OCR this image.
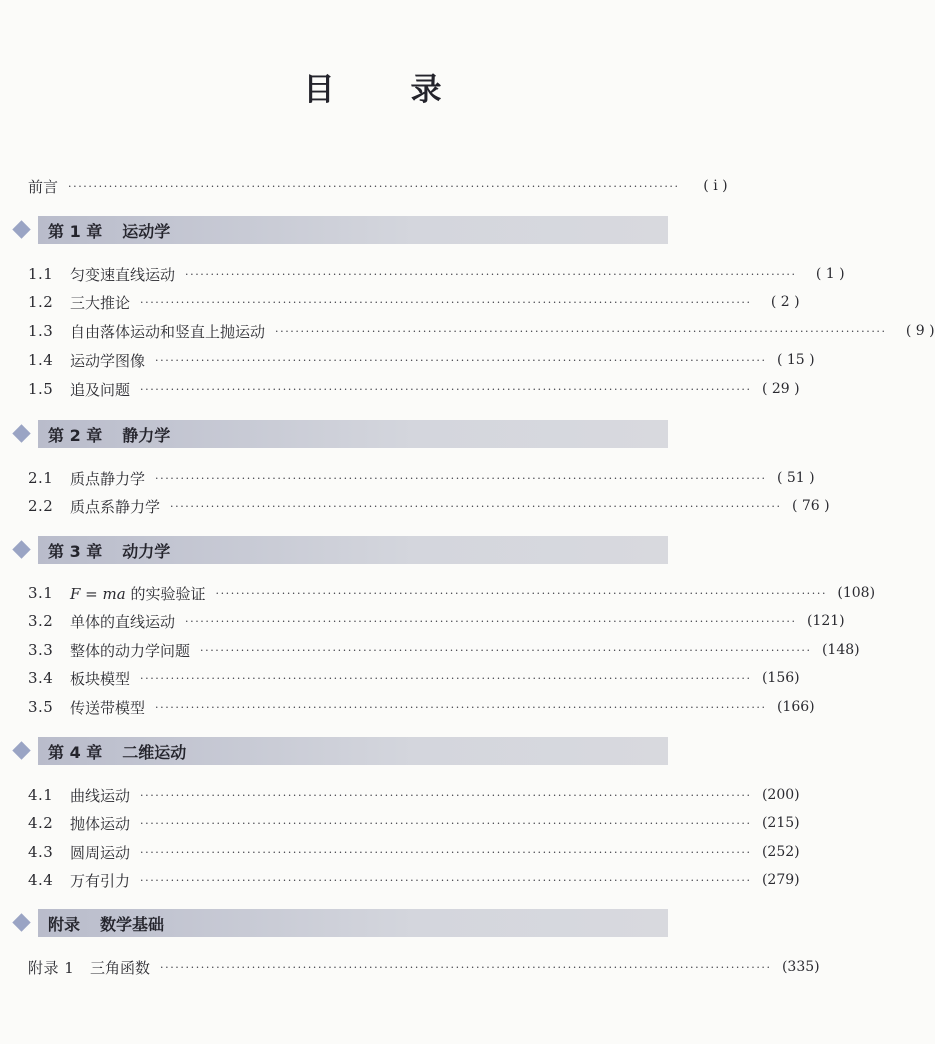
目 录
前言 ························································································································	( i )
第 1 章 运动学
1.1	匀变速直线运动 ························································································································	( 1 )
1.2	三大推论 ························································································································	( 2 )
1.3	自由落体运动和竖直上抛运动 ························································································································	( 9 )
1.4	运动学图像 ························································································································ ( 15 )
1.5	追及问题 ························································································································ ( 29 )
第 2 章 静力学
2.1	质点静力学 ························································································································ ( 51 )
2.2	质点系静力学 ························································································································ ( 76 )
第 3 章 动力学
3.1	F = ma 的实验验证 ························································································································ (108)
3.2	单体的直线运动 ························································································································ (121)
3.3	整体的动力学问题 ························································································································ (148)
3.4	板块模型 ························································································································ (156)
3.5	传送带模型 ························································································································ (166)
第 4 章 二维运动
4.1	曲线运动 ························································································································ (200)
4.2	抛体运动 ························································································································ (215)
4.3	圆周运动 ························································································································ (252)
4.4	万有引力 ························································································································ (279)
附录 数学基础
附录 1	三角函数 ························································································································ (335)
